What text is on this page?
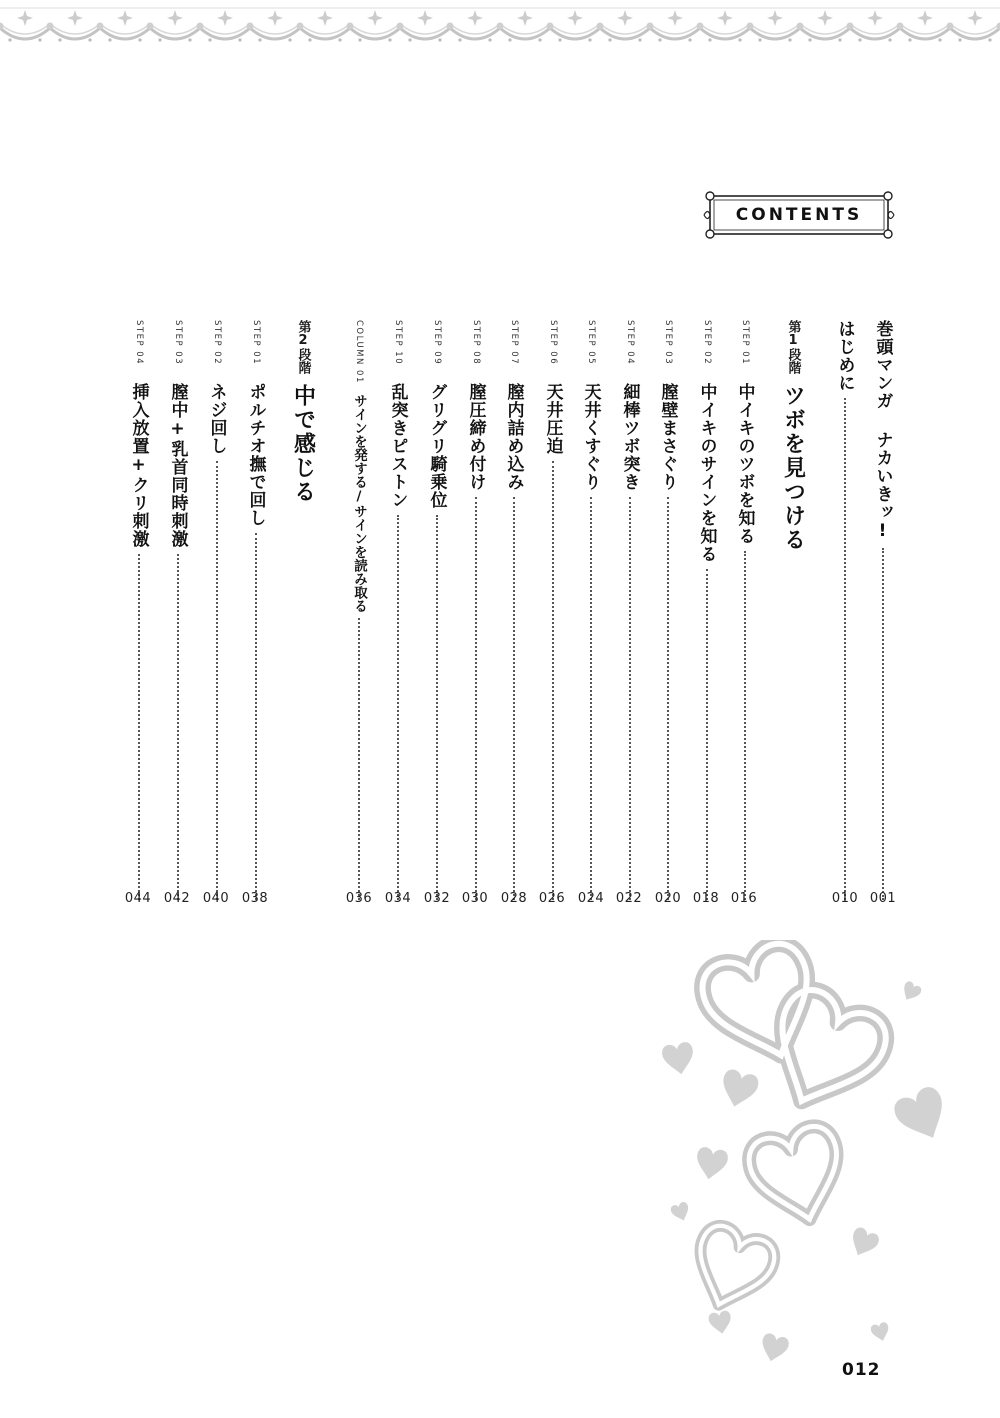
CONTENTS
巻頭マンガ ナカいきッ!
001
はじめに
010
第1段階
ツボを見つける
STEP 01
中イキのツボを知る
016
STEP 02
中イキのサインを知る
018
STEP 03
膣壁まさぐり
020
STEP 04
細棒ツボ突き
022
STEP 05
天井くすぐり
024
STEP 06
天井圧迫
026
STEP 07
膣内詰め込み
028
STEP 08
膣圧締め付け
030
STEP 09
グリグリ騎乗位
032
STEP 10
乱突きピストン
034
COLUMN 01
サインを発する/サインを読み取る
036
第2段階
中で感じる
STEP 01
ポルチオ撫で回し
038
STEP 02
ネジ回し
040
STEP 03
膣中+乳首同時刺激
042
STEP 04
挿入放置+クリ刺激
044
012
